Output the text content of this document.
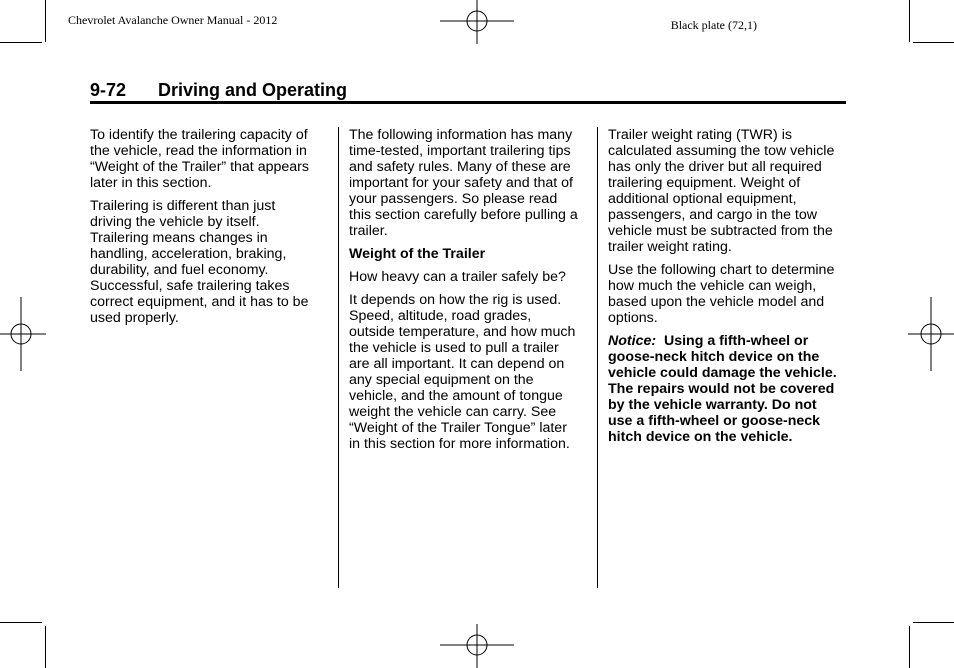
Chevrolet Avalanche Owner Manual - 2012	Black plate (72,1)
9-72 Driving and Operating

To identify the trailering capacity of
the vehicle, read the information in
“Weight of the Trailer” that appears
later in this section.

Trailering is different than just
driving the vehicle by itself.
Trailering means changes in
handling, acceleration, braking,
durability, and fuel economy.
Successful, safe trailering takes
correct equipment, and it has to be
used properly.

The following information has many
time-tested, important trailering tips
and safety rules. Many of these are
important for your safety and that of
your passengers. So please read
this section carefully before pulling a
trailer.

Weight of the Trailer

How heavy can a trailer safely be?

It depends on how the rig is used.
Speed, altitude, road grades,
outside temperature, and how much
the vehicle is used to pull a trailer
are all important. It can depend on
any special equipment on the
vehicle, and the amount of tongue
weight the vehicle can carry. See
“Weight of the Trailer Tongue” later
in this section for more information.

Trailer weight rating (TWR) is
calculated assuming the tow vehicle
has only the driver but all required
trailering equipment. Weight of
additional optional equipment,
passengers, and cargo in the tow
vehicle must be subtracted from the
trailer weight rating.

Use the following chart to determine
how much the vehicle can weigh,
based upon the vehicle model and
options.

Notice: Using a fifth-wheel or
goose-neck hitch device on the
vehicle could damage the vehicle.
The repairs would not be covered
by the vehicle warranty. Do not
use a fifth-wheel or goose-neck
hitch device on the vehicle.
